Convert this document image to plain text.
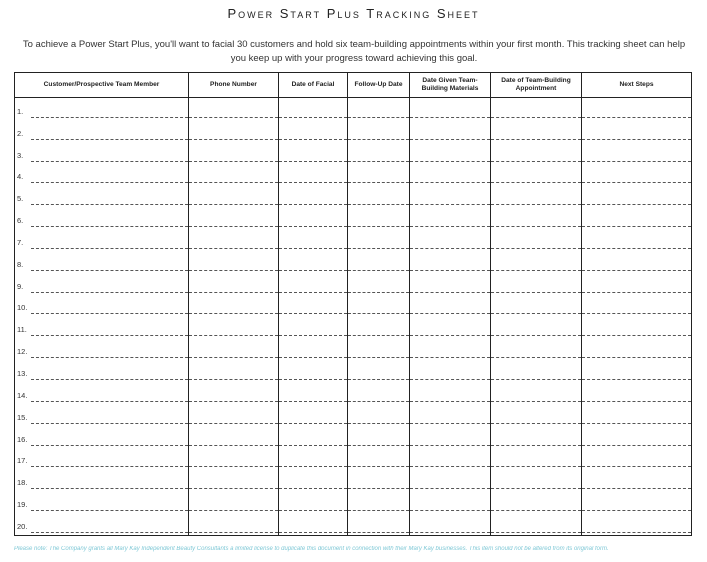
Power Start Plus Tracking Sheet
To achieve a Power Start Plus, you'll want to facial 30 customers and hold six team-building appointments within your first month. This tracking sheet can help you keep up with your progress toward achieving this goal.
Customer/Prospective Team Member	Phone Number	Date of Facial	Follow-Up Date	Date Given Team-Building Materials	Date of Team-Building Appointment	Next Steps

1.						

2.						

3.						

4.						

5.						

6.						

7.						

8.						

9.						

10.						

11.						

12.						

13.						

14.						

15.						

16.						

17.						

18.						

19.						

20.						

Please note: The Company grants all Mary Kay Independent Beauty Consultants a limited license to duplicate this document in connection with their Mary Kay businesses. This item should not be altered from its original form.
